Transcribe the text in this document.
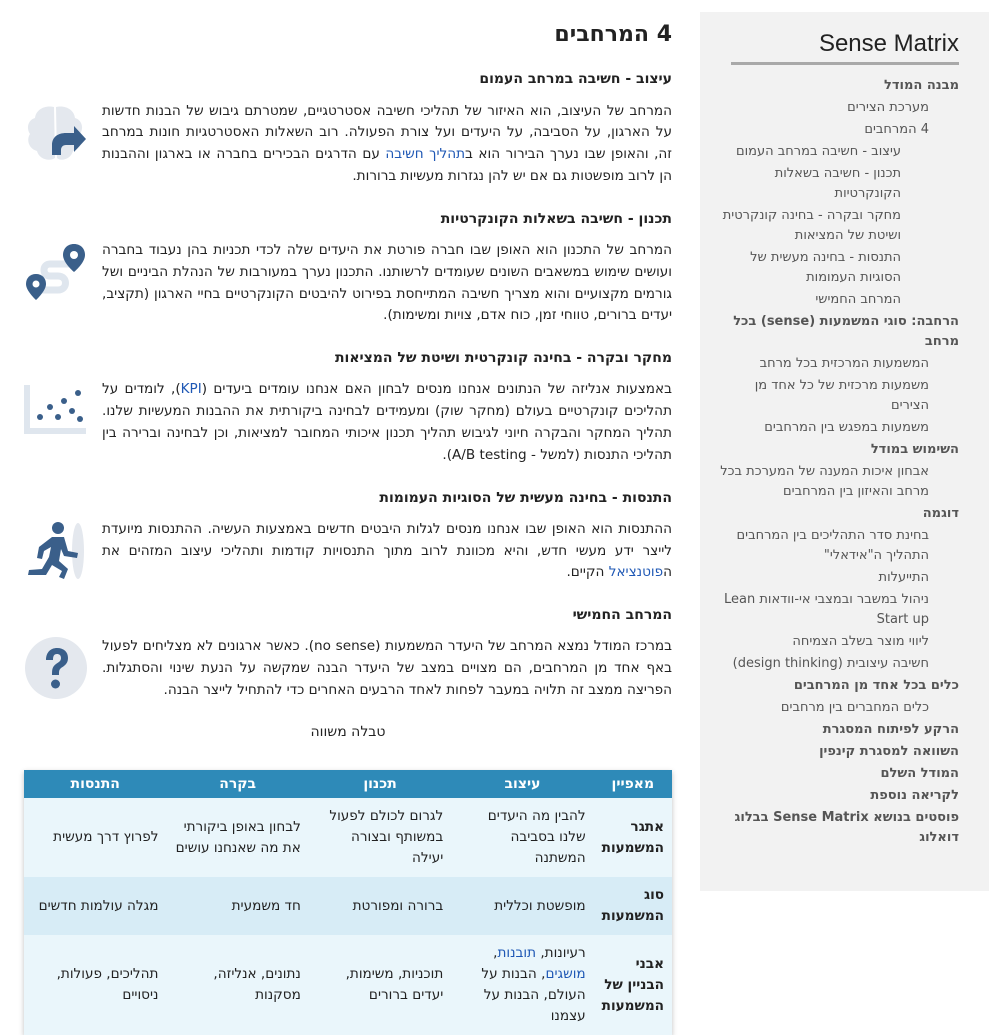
4 המרחבים
עיצוב - חשיבה במרחב העמום
המרחב של העיצוב, הוא האיזור של תהליכי חשיבה אסטרטגיים, שמטרתם גיבוש של הבנות חדשות על הארגון, על הסביבה, על היעדים ועל צורת הפעולה. רוב השאלות האסטרטגיות חונות במרחב זה, והאופן שבו נערך הבירור הוא בתהליך חשיבה עם הדרגים הבכירים בחברה או בארגון וההבנות הן לרוב מופשטות גם אם יש להן נגזרות מעשיות ברורות.
תכנון - חשיבה בשאלות הקונקרטיות
המרחב של התכנון הוא האופן שבו חברה פורטת את היעדים שלה לכדי תכניות בהן נעבוד בחברה ועושים שימוש במשאבים השונים שעומדים לרשותנו. התכנון נערך במעורבות של הנהלת הביניים ושל גורמים מקצועיים והוא מצריך חשיבה המתייחסת בפירוט להיבטים הקונקרטיים בחיי הארגון (תקציב, יעדים ברורים, טווחי זמן, כוח אדם, צויות ומשימות).
מחקר ובקרה - בחינה קונקרטית ושיטת של המציאות
באמצעות אנליזה של הנתונים אנחנו מנסים לבחון האם אנחנו עומדים ביעדים (KPI), לומדים על תהליכים קונקרטיים בעולם (מחקר שוק) ומעמידים לבחינה ביקורתית את ההבנות המעשיות שלנו. תהליך המחקר והבקרה חיוני לגיבוש תהליך תכנון איכותי המחובר למציאות, וכן לבחינה וברירה בין תהליכי התנסות (למשל - A/B testing).
התנסות - בחינה מעשית של הסוגיות העמומות
ההתנסות הוא האופן שבו אנחנו מנסים לגלות היבטים חדשים באמצעות העשיה. ההתנסות מיועדת לייצר ידע מעשי חדש, והיא מכוונת לרוב מתוך התנסויות קודמות ותהליכי עיצוב המזהים את הפוטנציאל הקיים.
המרחב החמישי
במרכז המודל נמצא המרחב של היעדר המשמעות (no sense). כאשר ארגונים לא מצליחים לפעול באף אחד מן המרחבים, הם מצויים במצב של היעדר הבנה שמקשה על הנעת שינוי והסתגלות. הפריצה ממצב זה תלויה במעבר לפחות לאחד הרבעים האחרים כדי להתחיל לייצר הבנה.
טבלה משווה
מאפיין	עיצוב	תכנון	בקרה	התנסות
אתגר המשמעות	להבין מה היעדים שלנו בסביבה המשתנה	לגרום לכולם לפעול במשותף ובצורה יעילה	לבחון באופן ביקורתי את מה שאנחנו עושים	לפרוץ דרך מעשית
סוג המשמעות	מופשטת וכללית	ברורה ומפורטת	חד משמעית	מגלה עולמות חדשים
אבני הבניין של המשמעות	רעיונות, תובנות, מושגים, הבנות על העולם, הבנות על עצמנו	תוכניות, משימות, יעדים ברורים	נתונים, אנליזה, מסקנות	תהליכים, פעולות, ניסויים
Sense Matrix
מבנה המודל
מערכת הצירים
4 המרחבים
עיצוב - חשיבה במרחב העמום
תכנון - חשיבה בשאלות הקונקרטיות
מחקר ובקרה - בחינה קונקרטית ושיטת של המציאות
התנסות - בחינה מעשית של הסוגיות העמומות
המרחב החמישי
הרחבה: סוגי המשמעות (sense) בכל מרחב
המשמעות המרכזית בכל מרחב
משמעות מרכזית של כל אחד מן הצירים
משמעות במפגש בין המרחבים
השימוש במודל
אבחון איכות המענה של המערכת בכל מרחב והאיזון בין המרחבים
דוגמה
בחינת סדר התהליכים בין המרחבים התהליך ה"אידאלי"
התייעלות
ניהול במשבר ובמצבי אי-וודאות Lean Start up
ליווי מוצר בשלב הצמיחה
חשיבה עיצובית (design thinking)
כלים בכל אחד מן המרחבים
כלים המחברים בין מרחבים
הרקע לפיתוח המסגרת
השוואה למסגרת קינפין
המודל השלם
לקריאה נוספת
פוסטים בנושא Sense Matrix בבלוג דואלוג
